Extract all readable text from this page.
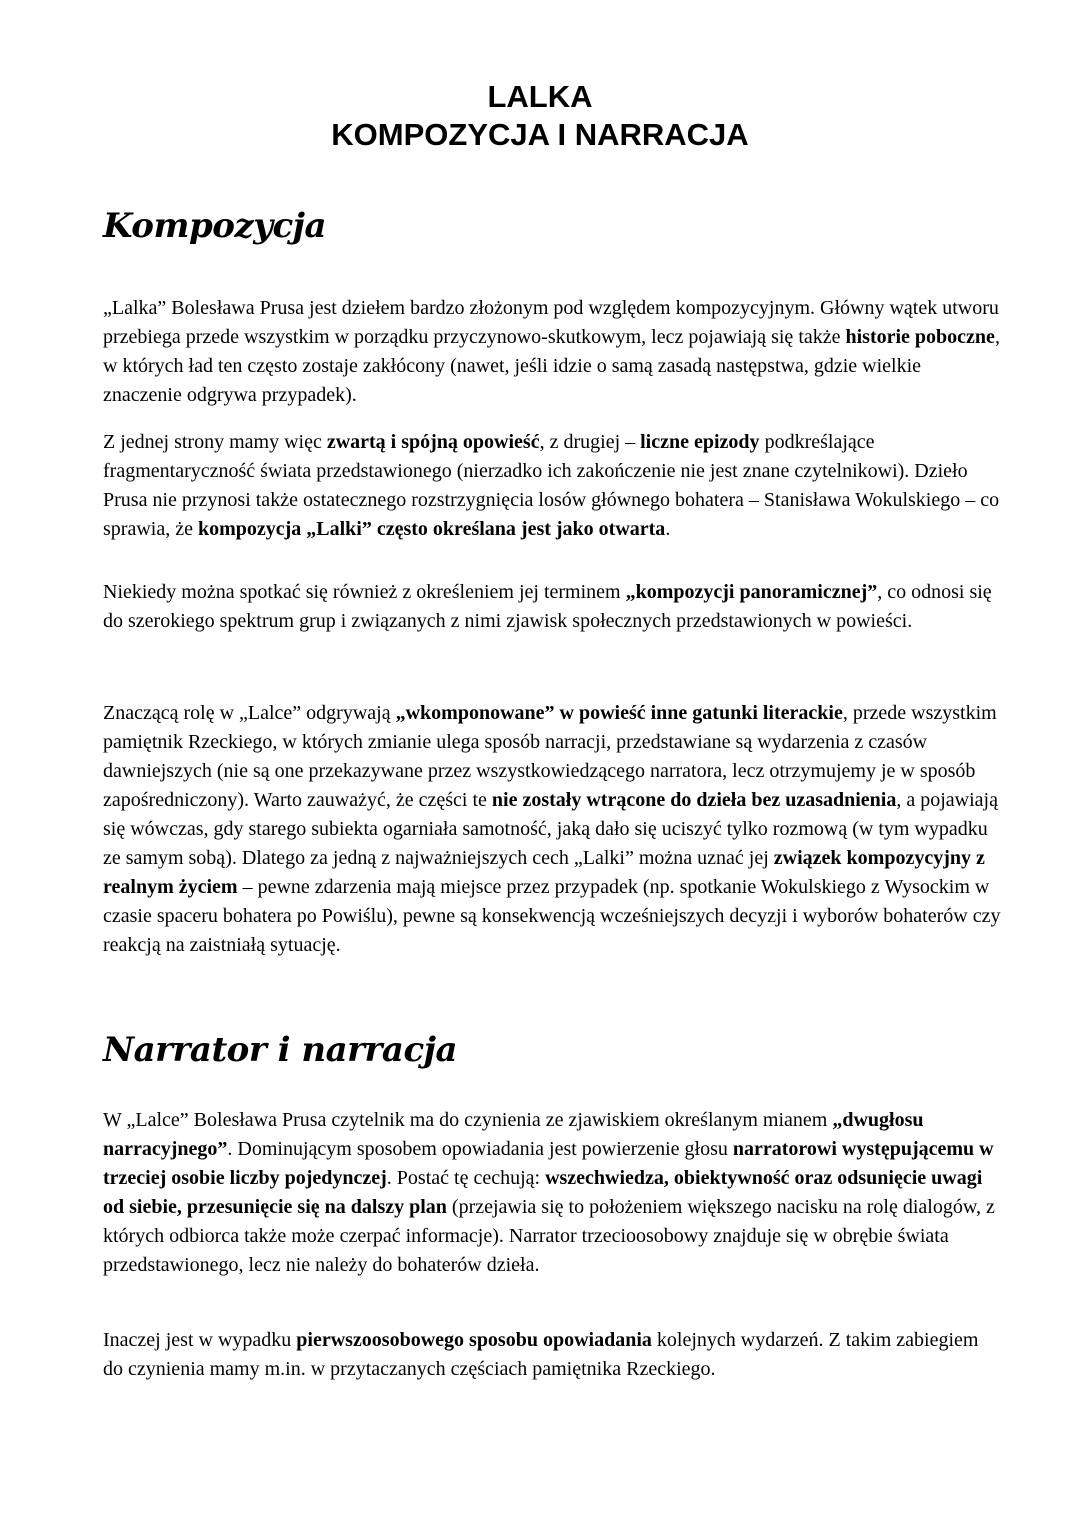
LALKA
KOMPOZYCJA I NARRACJA
Kompozycja

„Lalka” Bolesława Prusa jest dziełem bardzo złożonym pod względem kompozycyjnym. Główny wątek utworu przebiega przede wszystkim w porządku przyczynowo-skutkowym, lecz pojawiają się także historie poboczne, w których ład ten często zostaje zakłócony (nawet, jeśli idzie o samą zasadą następstwa, gdzie wielkie znaczenie odgrywa przypadek).

Z jednej strony mamy więc zwartą i spójną opowieść, z drugiej – liczne epizody podkreślające fragmentaryczność świata przedstawionego (nierzadko ich zakończenie nie jest znane czytelnikowi). Dzieło Prusa nie przynosi także ostatecznego rozstrzygnięcia losów głównego bohatera – Stanisława Wokulskiego – co sprawia, że kompozycja „Lalki” często określana jest jako otwarta.

Niekiedy można spotkać się również z określeniem jej terminem „kompozycji panoramicznej”, co odnosi się do szerokiego spektrum grup i związanych z nimi zjawisk społecznych przedstawionych w powieści.

Znaczącą rolę w „Lalce” odgrywają „wkomponowane” w powieść inne gatunki literackie, przede wszystkim pamiętnik Rzeckiego, w których zmianie ulega sposób narracji, przedstawiane są wydarzenia z czasów dawniejszych (nie są one przekazywane przez wszystkowiedzącego narratora, lecz otrzymujemy je w sposób zapośredniczony). Warto zauważyć, że części te nie zostały wtrącone do dzieła bez uzasadnienia, a pojawiają się wówczas, gdy starego subiekta ogarniała samotność, jaką dało się uciszyć tylko rozmową (w tym wypadku ze samym sobą). Dlatego za jedną z najważniejszych cech „Lalki” można uznać jej związek kompozycyjny z realnym życiem – pewne zdarzenia mają miejsce przez przypadek (np. spotkanie Wokulskiego z Wysockim w czasie spaceru bohatera po Powiślu), pewne są konsekwencją wcześniejszych decyzji i wyborów bohaterów czy reakcją na zaistniałą sytuację.

Narrator i narracja

W „Lalce” Bolesława Prusa czytelnik ma do czynienia ze zjawiskiem określanym mianem „dwugłosu narracyjnego”. Dominującym sposobem opowiadania jest powierzenie głosu narratorowi występującemu w trzeciej osobie liczby pojedynczej. Postać tę cechują: wszechwiedza, obiektywność oraz odsunięcie uwagi od siebie, przesunięcie się na dalszy plan (przejawia się to położeniem większego nacisku na rolę dialogów, z których odbiorca także może czerpać informacje). Narrator trzecioosobowy znajduje się w obrębie świata przedstawionego, lecz nie należy do bohaterów dzieła.

Inaczej jest w wypadku pierwszoosobowego sposobu opowiadania kolejnych wydarzeń. Z takim zabiegiem do czynienia mamy m.in. w przytaczanych częściach pamiętnika Rzeckiego.
